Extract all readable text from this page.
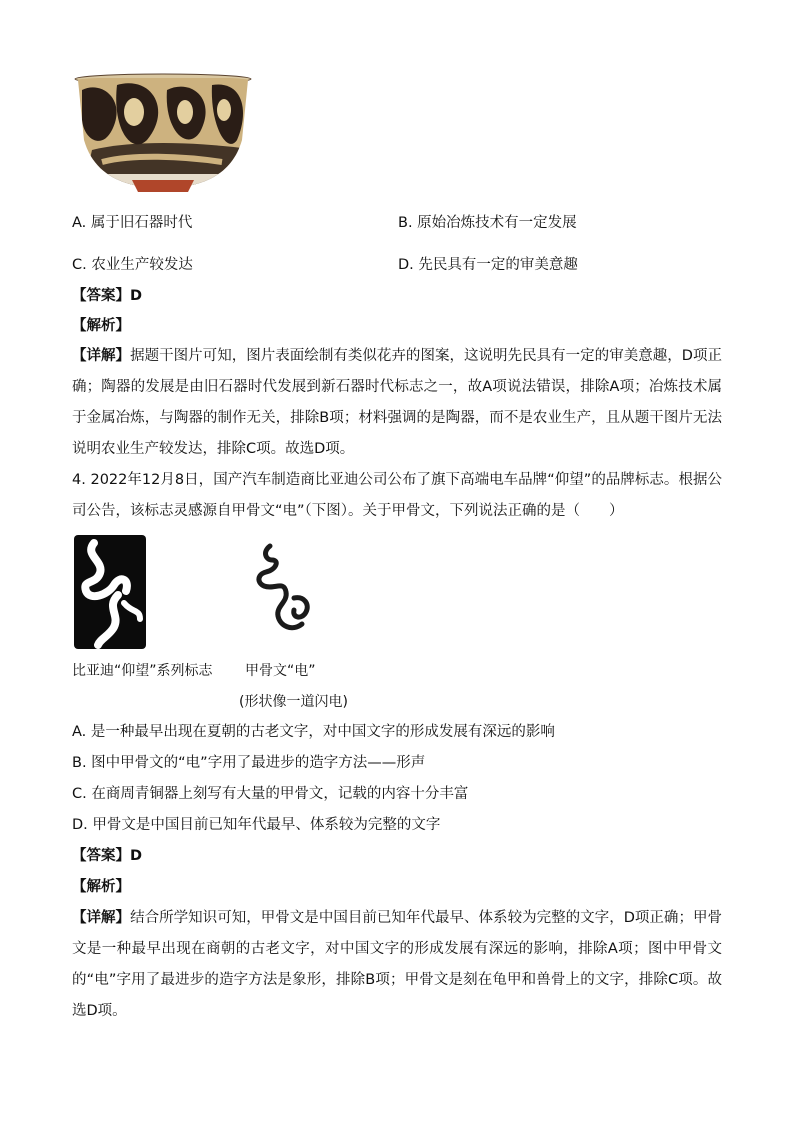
A. 属于旧石器时代	B. 原始冶炼技术有一定发展
C. 农业生产较发达	D. 先民具有一定的审美意趣
【答案】D
【解析】
【详解】据题干图片可知，图片表面绘制有类似花卉的图案，这说明先民具有一定的审美意趣，D项正确；陶器的发展是由旧石器时代发展到新石器时代标志之一，故A项说法错误，排除A项；冶炼技术属于金属冶炼，与陶器的制作无关，排除B项；材料强调的是陶器，而不是农业生产，且从题干图片无法说明农业生产较发达，排除C项。故选D项。
4. 2022年12月8日，国产汽车制造商比亚迪公司公布了旗下高端电车品牌“仰望”的品牌标志。根据公司公告，该标志灵感源自甲骨文“电”（下图）。关于甲骨文，下列说法正确的是（　　）
比亚迪“仰望”系列标志 甲骨文“电”
(形状像一道闪电)
A. 是一种最早出现在夏朝的古老文字，对中国文字的形成发展有深远的影响
B. 图中甲骨文的“电”字用了最进步的造字方法——形声
C. 在商周青铜器上刻写有大量的甲骨文，记载的内容十分丰富
D. 甲骨文是中国目前已知年代最早、体系较为完整的文字
【答案】D
【解析】
【详解】结合所学知识可知，甲骨文是中国目前已知年代最早、体系较为完整的文字，D项正确；甲骨文是一种最早出现在商朝的古老文字，对中国文字的形成发展有深远的影响，排除A项；图中甲骨文的“电”字用了最进步的造字方法是象形，排除B项；甲骨文是刻在龟甲和兽骨上的文字，排除C项。故选D项。
